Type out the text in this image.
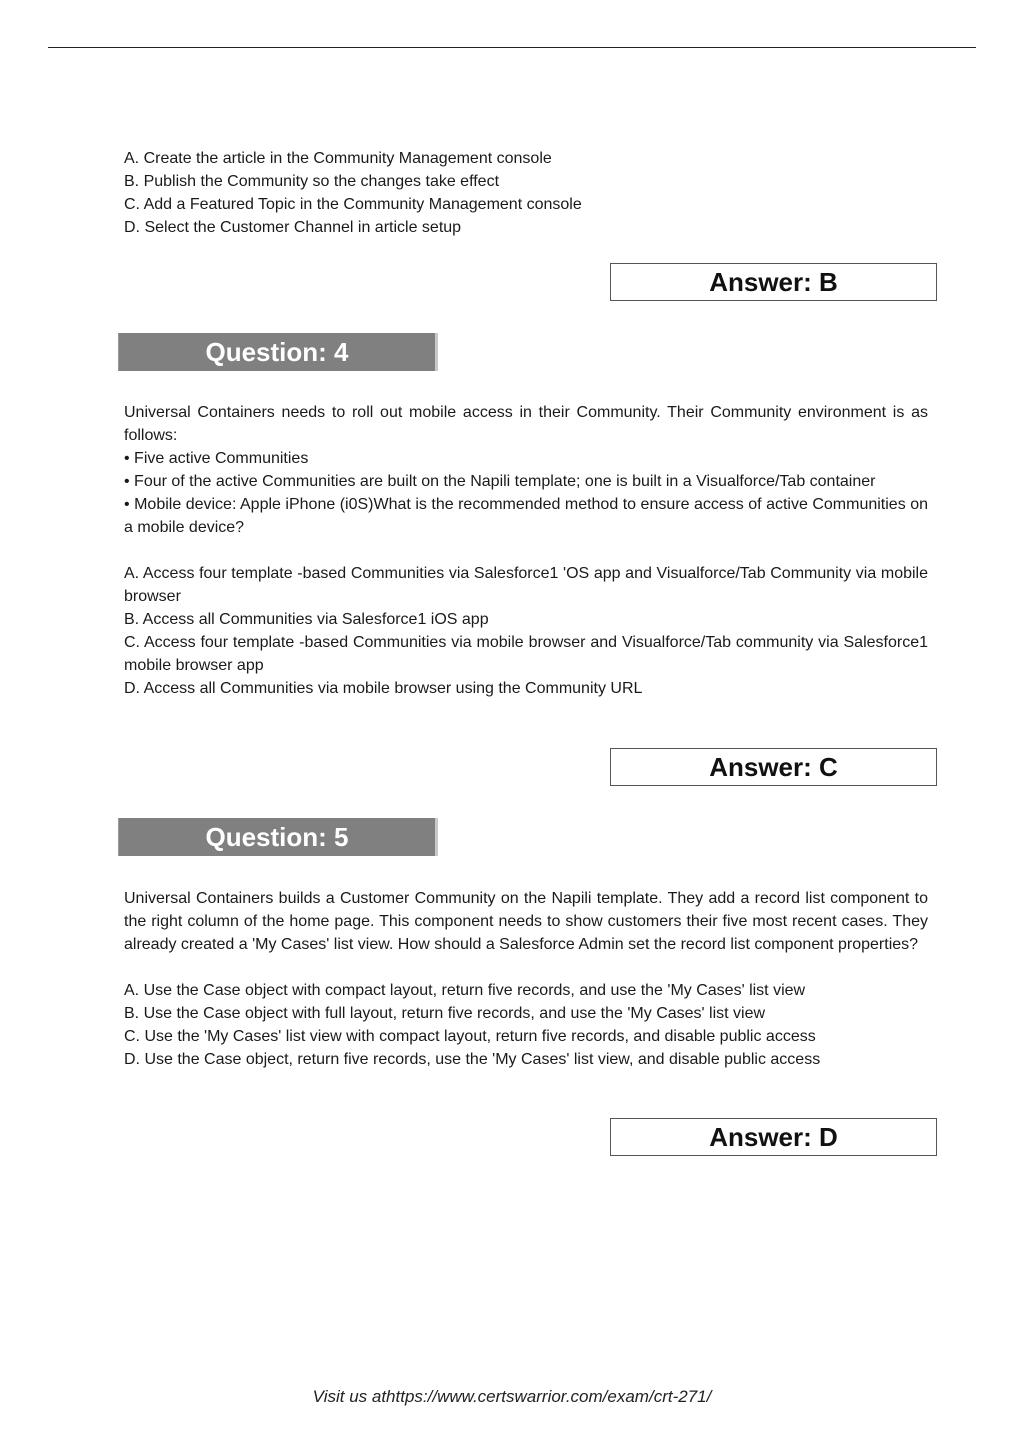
A. Create the article in the Community Management console
B. Publish the Community so the changes take effect
C. Add a Featured Topic in the Community Management console
D. Select the Customer Channel in article setup
Answer: B
Question: 4
Universal Containers needs to roll out mobile access in their Community. Their Community environment is as follows:
• Five active Communities
• Four of the active Communities are built on the Napili template; one is built in a Visualforce/Tab container
• Mobile device: Apple iPhone (i0S)What is the recommended method to ensure access of active Communities on a mobile device?
A. Access four template -based Communities via Salesforce1 'OS app and Visualforce/Tab Community via mobile browser
B. Access all Communities via Salesforce1 iOS app
C. Access four template -based Communities via mobile browser and Visualforce/Tab community via Salesforce1 mobile browser app
D. Access all Communities via mobile browser using the Community URL
Answer: C
Question: 5
Universal Containers builds a Customer Community on the Napili template. They add a record list component to the right column of the home page. This component needs to show customers their five most recent cases. They already created a 'My Cases' list view. How should a Salesforce Admin set the record list component properties?
A. Use the Case object with compact layout, return five records, and use the 'My Cases' list view
B. Use the Case object with full layout, return five records, and use the 'My Cases' list view
C. Use the 'My Cases' list view with compact layout, return five records, and disable public access
D. Use the Case object, return five records, use the 'My Cases' list view, and disable public access
Answer: D
Visit us athttps://www.certswarrior.com/exam/crt-271/
